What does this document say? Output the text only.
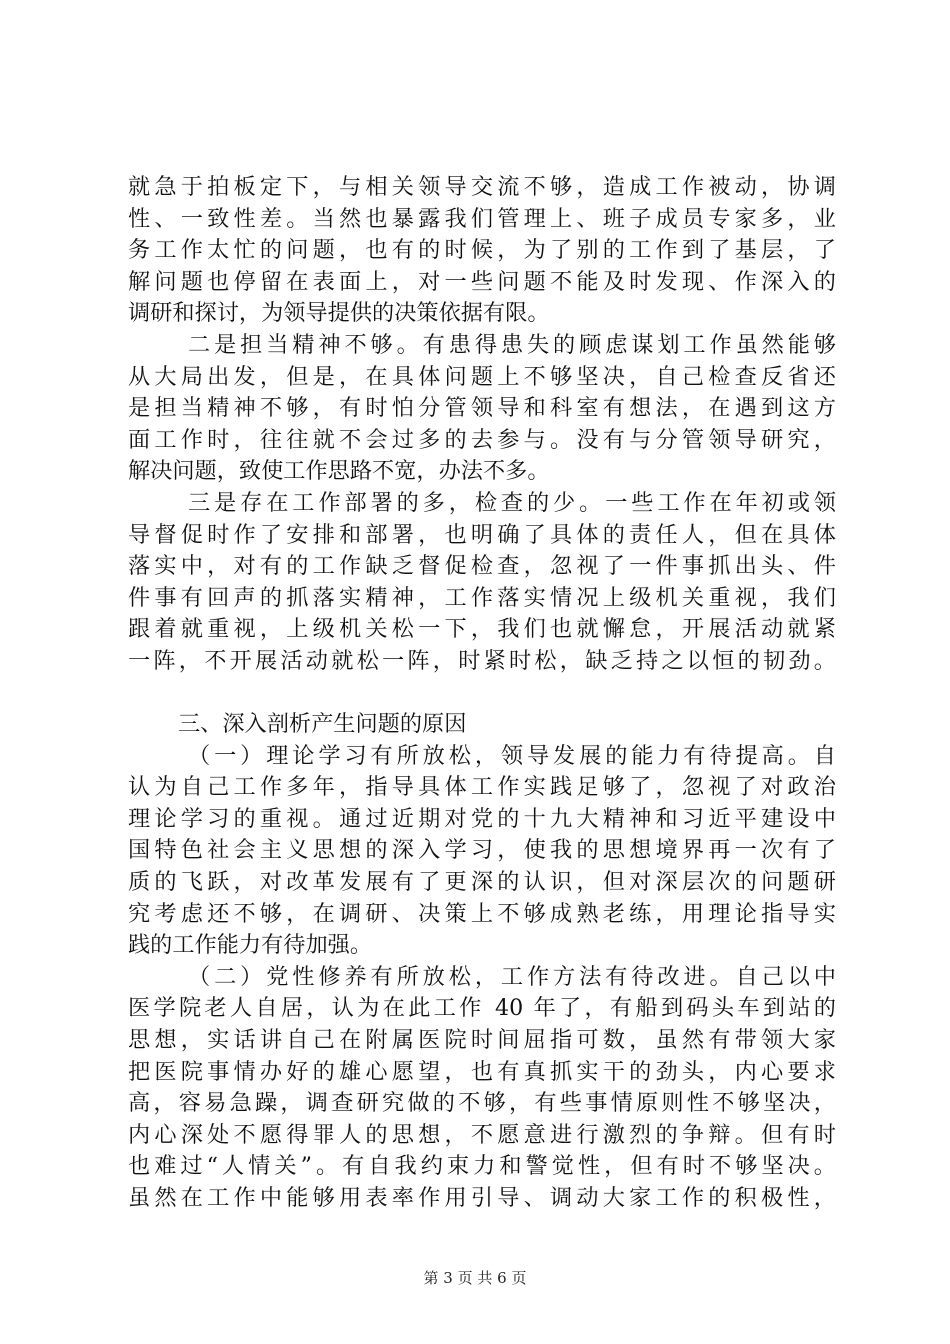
就急于拍板定下，与相关领导交流不够，造成工作被动，协调
性、一致性差。当然也暴露我们管理上、班子成员专家多，业
务工作太忙的问题，也有的时候，为了别的工作到了基层，了
解问题也停留在表面上，对一些问题不能及时发现、作深入的
调研和探讨，为领导提供的决策依据有限。
二是担当精神不够。有患得患失的顾虑谋划工作虽然能够
从大局出发，但是，在具体问题上不够坚决，自己检查反省还
是担当精神不够，有时怕分管领导和科室有想法，在遇到这方
面工作时，往往就不会过多的去参与。没有与分管领导研究，
解决问题，致使工作思路不宽，办法不多。
三是存在工作部署的多，检查的少。一些工作在年初或领
导督促时作了安排和部署，也明确了具体的责任人，但在具体
落实中，对有的工作缺乏督促检查，忽视了一件事抓出头、件
件事有回声的抓落实精神，工作落实情况上级机关重视，我们
跟着就重视，上级机关松一下，我们也就懈怠，开展活动就紧
一阵，不开展活动就松一阵，时紧时松，缺乏持之以恒的韧劲。
三、深入剖析产生问题的原因
（一）理论学习有所放松，领导发展的能力有待提高。自
认为自己工作多年，指导具体工作实践足够了，忽视了对政治
理论学习的重视。通过近期对党的十九大精神和习近平建设中
国特色社会主义思想的深入学习，使我的思想境界再一次有了
质的飞跃，对改革发展有了更深的认识，但对深层次的问题研
究考虑还不够，在调研、决策上不够成熟老练，用理论指导实
践的工作能力有待加强。
（二）党性修养有所放松，工作方法有待改进。自己以中
医学院老人自居，认为在此工作 40 年了，有船到码头车到站的
思想，实话讲自己在附属医院时间屈指可数，虽然有带领大家
把医院事情办好的雄心愿望，也有真抓实干的劲头，内心要求
高，容易急躁，调查研究做的不够，有些事情原则性不够坚决，
内心深处不愿得罪人的思想，不愿意进行激烈的争辩。但有时
也难过“人情关”。有自我约束力和警觉性，但有时不够坚决。
虽然在工作中能够用表率作用引导、调动大家工作的积极性，
第 3 页 共 6 页
